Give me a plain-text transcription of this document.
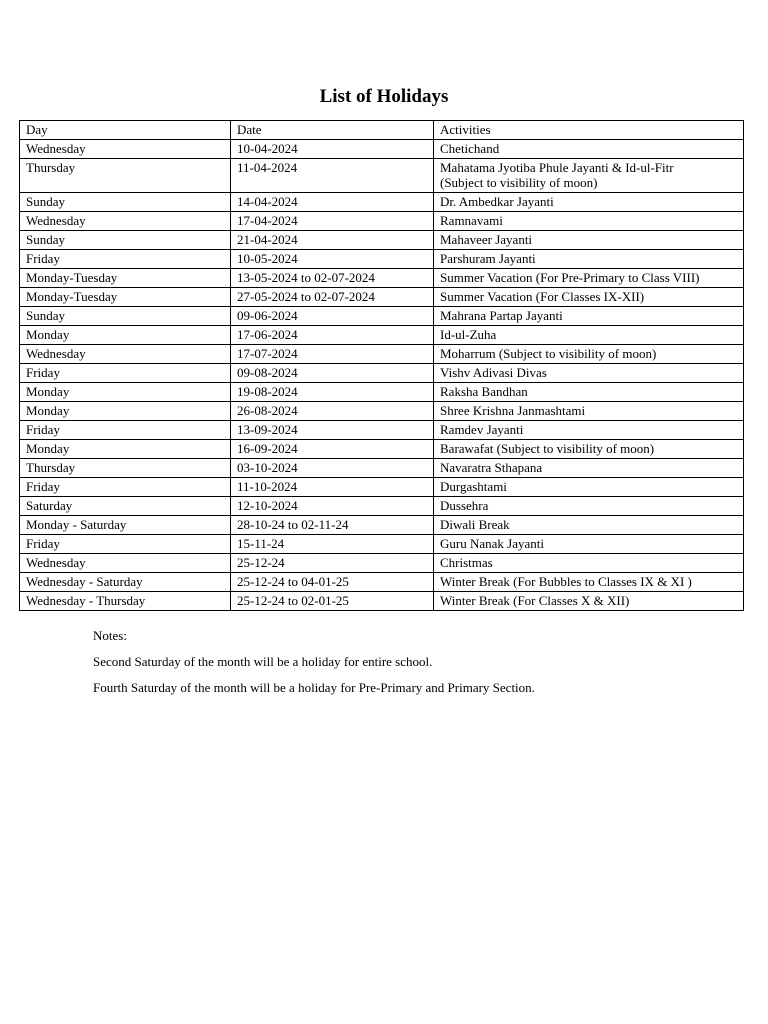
List of Holidays
Day	Date	Activities
Wednesday	10-04-2024	Chetichand
Thursday	11-04-2024	Mahatama Jyotiba Phule Jayanti & Id-ul-Fitr
(Subject to visibility of moon)
Sunday	14-04-2024	Dr. Ambedkar Jayanti
Wednesday	17-04-2024	Ramnavami
Sunday	21-04-2024	Mahaveer Jayanti
Friday	10-05-2024	Parshuram Jayanti
Monday-Tuesday	13-05-2024 to 02-07-2024	Summer Vacation (For Pre-Primary to Class VIII)
Monday-Tuesday	27-05-2024 to 02-07-2024	Summer Vacation (For Classes IX-XII)
Sunday	09-06-2024	Mahrana Partap Jayanti
Monday	17-06-2024	Id-ul-Zuha
Wednesday	17-07-2024	Moharrum (Subject to visibility of moon)
Friday	09-08-2024	Vishv Adivasi Divas
Monday	19-08-2024	Raksha Bandhan
Monday	26-08-2024	Shree Krishna Janmashtami
Friday	13-09-2024	Ramdev Jayanti
Monday	16-09-2024	Barawafat (Subject to visibility of moon)
Thursday	03-10-2024	Navaratra Sthapana
Friday	11-10-2024	Durgashtami
Saturday	12-10-2024	Dussehra
Monday - Saturday	28-10-24 to 02-11-24	Diwali Break
Friday	15-11-24	Guru Nanak Jayanti
Wednesday	25-12-24	Christmas
Wednesday - Saturday	25-12-24 to 04-01-25	Winter Break (For Bubbles to Classes IX & XI )
Wednesday - Thursday	25-12-24 to 02-01-25	Winter Break (For Classes X & XII)

Notes:

Second Saturday of the month will be a holiday for entire school.

Fourth Saturday of the month will be a holiday for Pre-Primary and Primary Section.
